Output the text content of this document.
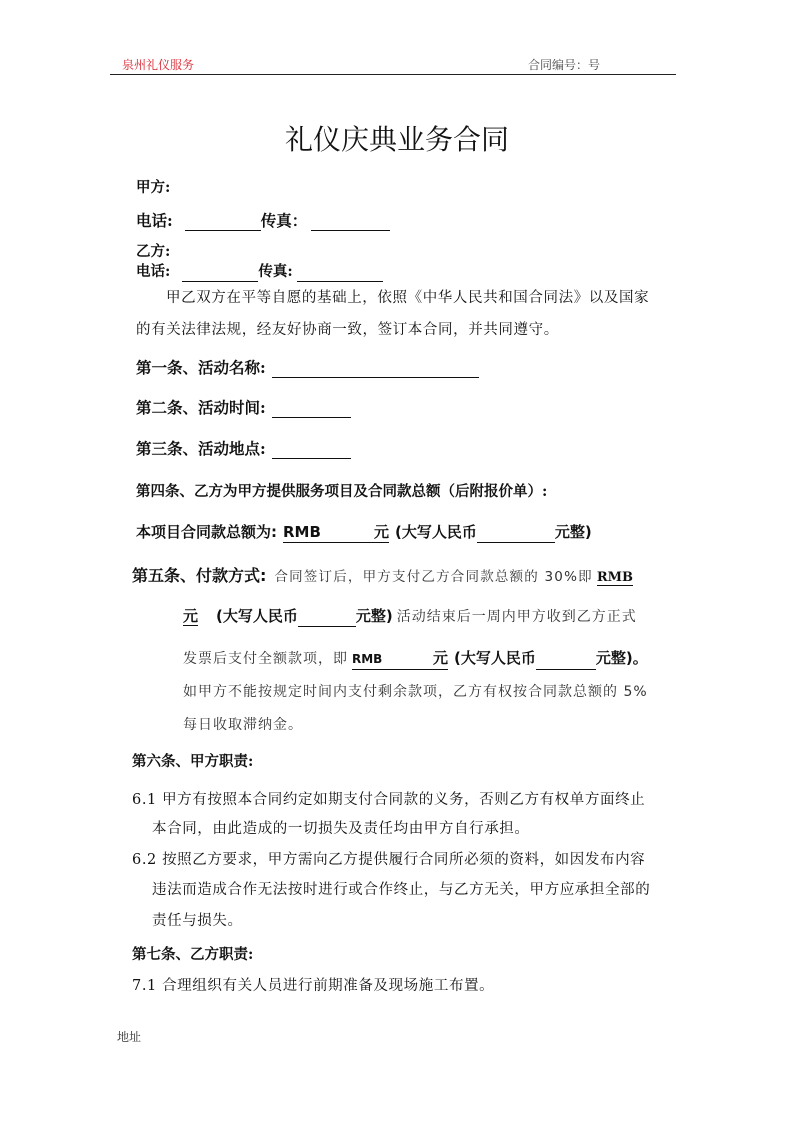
泉州礼仪服务	合同编号：号
礼仪庆典业务合同
甲方:
电话:	传真：
乙方:
电话:	传真:
甲乙双方在平等自愿的基础上，依照《中华人民共和国合同法》以及国家
的有关法律法规，经友好协商一致，签订本合同，并共同遵守。
第一条、活动名称:
第二条、活动时间:
第三条、活动地点:
第四条、乙方为甲方提供服务项目及合同款总额（后附报价单）:
本项目合同款总额为: RMB	元 (大写人民币	元整)
第五条、付款方式: 合同签订后，甲方支付乙方合同款总额的 30%即 RMB
元 (大写人民币	元整) 活动结束后一周内甲方收到乙方正式
发票后支付全额款项，即 RMB	元 (大写人民币	元整)。
如甲方不能按规定时间内支付剩余款项，乙方有权按合同款总额的 5%
每日收取滞纳金。
第六条、甲方职责:
6.1 甲方有按照本合同约定如期支付合同款的义务，否则乙方有权单方面终止
本合同，由此造成的一切损失及责任均由甲方自行承担。
6.2 按照乙方要求，甲方需向乙方提供履行合同所必须的资料，如因发布内容
违法而造成合作无法按时进行或合作终止，与乙方无关，甲方应承担全部的
责任与损失。
第七条、乙方职责:
7.1 合理组织有关人员进行前期准备及现场施工布置。
地址
